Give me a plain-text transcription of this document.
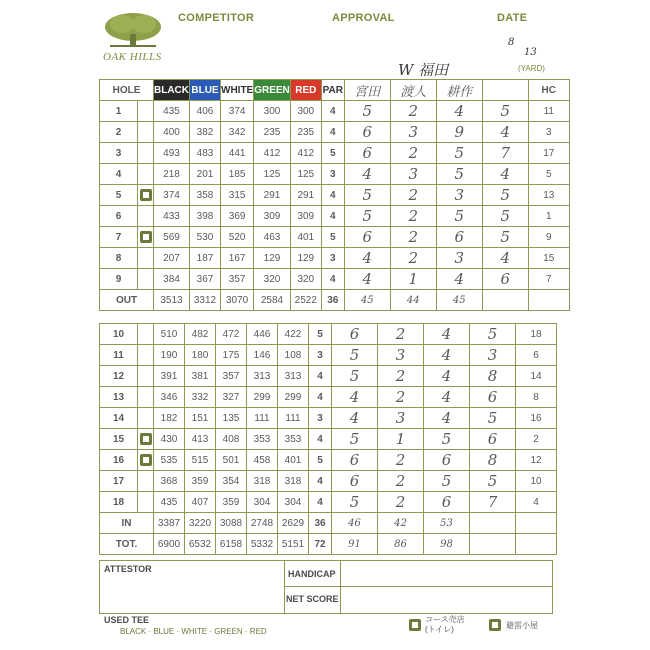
OAK HILLS
COMPETITOR	APPROVAL	DATE
8
13
(YARD)
W 福田
HOLE		BLACK	BLUE	WHITE	GREEN	RED	PAR	宮田	渡人	耕作		HC
1		435	406	374	300	300	4	5	2	4	5	11
2		400	382	342	235	235	4	6	3	9	4	3
3		493	483	441	412	412	5	6	2	5	7	17
4		218	201	185	125	125	3	4	3	5	4	5
5		374	358	315	291	291	4	5	2	3	5	13
6		433	398	369	309	309	4	5	2	5	5	1
7		569	530	520	463	401	5	6	2	6	5	9
8		207	187	167	129	129	3	4	2	3	4	15
9		384	367	357	320	320	4	4	1	4	6	7
OUT		3513	3312	3070	2584	2522	36	45	44	45		
10		510	482	472	446	422	5	6	2	4	5	18
11		190	180	175	146	108	3	5	3	4	3	6
12		391	381	357	313	313	4	5	2	4	8	14
13		346	332	327	299	299	4	4	2	4	6	8
14		182	151	135	111	111	3	4	3	4	5	16
15		430	413	408	353	353	4	5	1	5	6	2
16		535	515	501	458	401	5	6	2	6	8	12
17		368	359	354	318	318	4	6	2	5	5	10
18		435	407	359	304	304	4	5	2	6	7	4
IN		3387	3220	3088	2748	2629	36	46	42	53		
TOT.		6900	6532	6158	5332	5151	72	91	86	98		
ATTESTOR	HANDICAP
NET SCORE
USED TEE
BLACK · BLUE · WHITE · GREEN · RED
コース売店
(トイレ)	避雷小屋
